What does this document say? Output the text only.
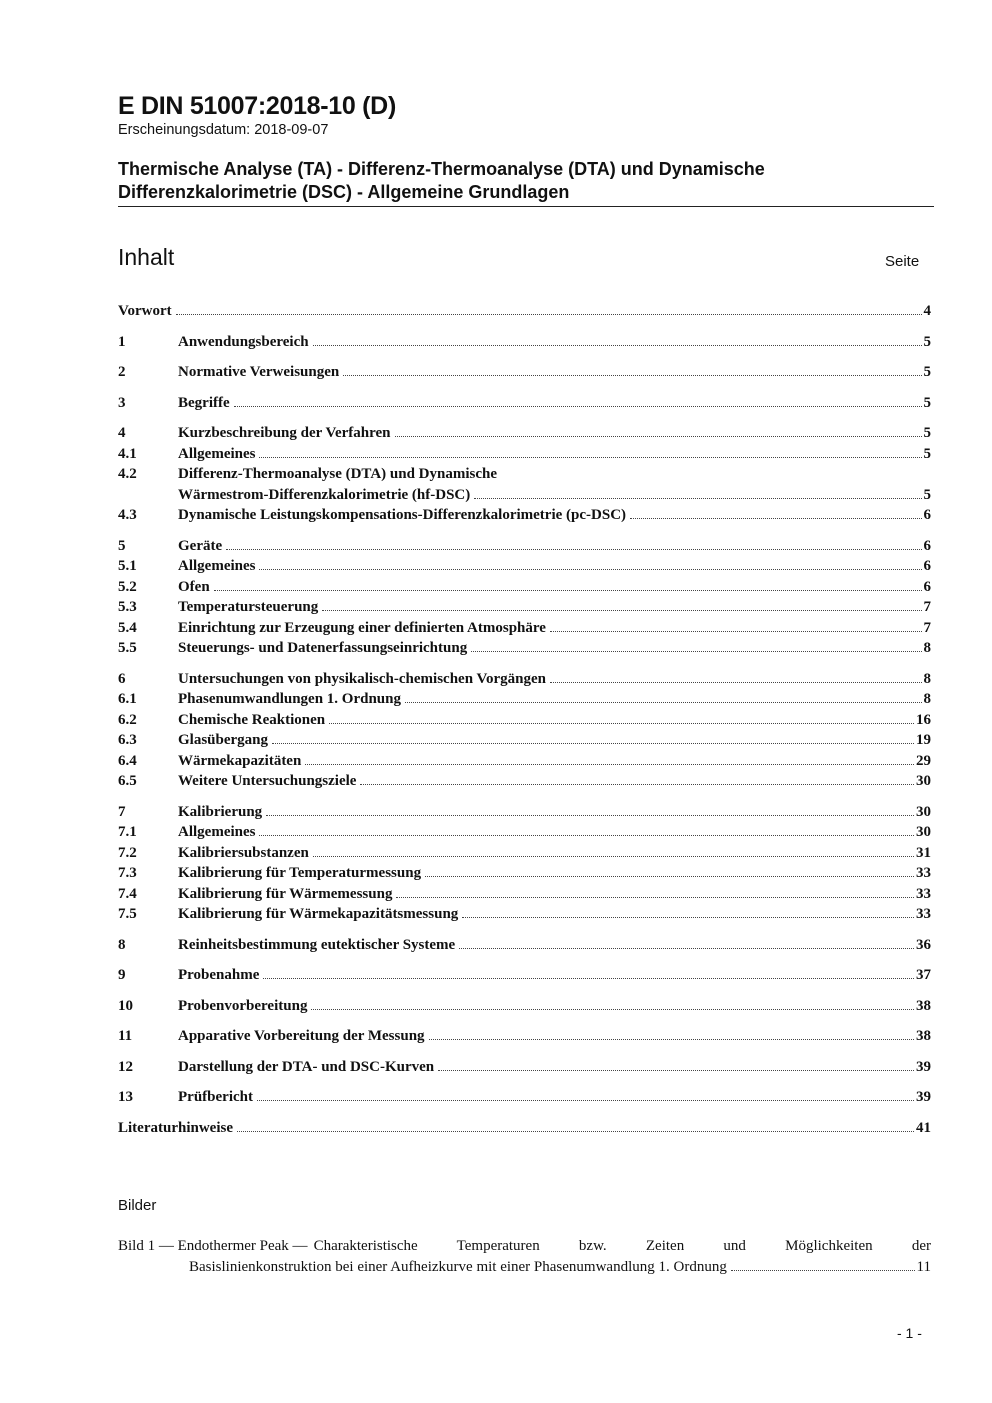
E DIN 51007:2018-10 (D)
Erscheinungsdatum: 2018-09-07
Thermische Analyse (TA) - Differenz-Thermoanalyse (DTA) und Dynamische
Differenzkalorimetrie (DSC) - Allgemeine Grundlagen
Inhalt	Seite
Vorwort	4
1	Anwendungsbereich	5
2	Normative Verweisungen	5
3	Begriffe	5
4	Kurzbeschreibung der Verfahren	5
4.1	Allgemeines	5
4.2	Differenz-Thermoanalyse (DTA) und Dynamische
Wärmestrom-Differenzkalorimetrie (hf-DSC)	5
4.3	Dynamische Leistungskompensations-Differenzkalorimetrie (pc-DSC)	6
5	Geräte	6
5.1	Allgemeines	6
5.2	Ofen	6
5.3	Temperatursteuerung	7
5.4	Einrichtung zur Erzeugung einer definierten Atmosphäre	7
5.5	Steuerungs- und Datenerfassungseinrichtung	8
6	Untersuchungen von physikalisch-chemischen Vorgängen	8
6.1	Phasenumwandlungen 1. Ordnung	8
6.2	Chemische Reaktionen	16
6.3	Glasübergang	19
6.4	Wärmekapazitäten	29
6.5	Weitere Untersuchungsziele	30
7	Kalibrierung	30
7.1	Allgemeines	30
7.2	Kalibriersubstanzen	31
7.3	Kalibrierung für Temperaturmessung	33
7.4	Kalibrierung für Wärmemessung	33
7.5	Kalibrierung für Wärmekapazitätsmessung	33
8	Reinheitsbestimmung eutektischer Systeme	36
9	Probenahme	37
10	Probenvorbereitung	38
11	Apparative Vorbereitung der Messung	38
12	Darstellung der DTA- und DSC-Kurven	39
13	Prüfbericht	39
Literaturhinweise	41
Bilder
Bild 1 — Endothermer Peak — Charakteristische Temperaturen bzw. Zeiten und Möglichkeiten der
Basislinienkonstruktion bei einer Aufheizkurve mit einer Phasenumwandlung 1. Ordnung	11
- 1 -
